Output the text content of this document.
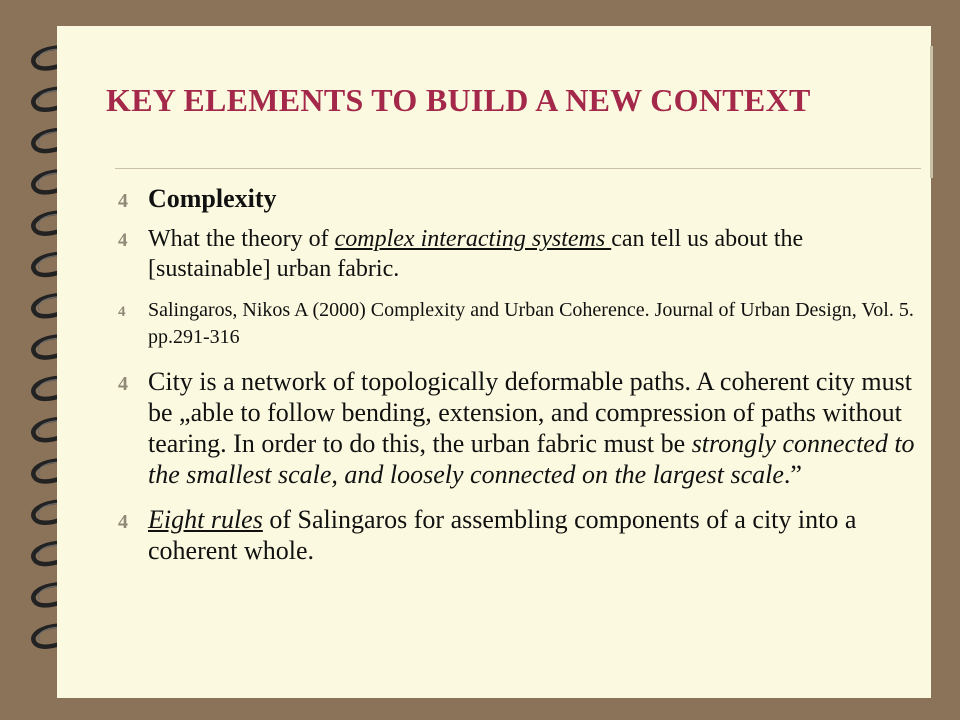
KEY ELEMENTS TO BUILD A NEW CONTEXT
4 Complexity
4 What the theory of complex interacting systems can tell us about the [sustainable] urban fabric.
4 Salingaros, Nikos A (2000) Complexity and Urban Coherence. Journal of Urban Design, Vol. 5. pp.291-316
4 City is a network of topologically deformable paths. A coherent city must be „able to follow bending, extension, and compression of paths without tearing. In order to do this, the urban fabric must be strongly connected to the smallest scale, and loosely connected on the largest scale.”
4 Eight rules of Salingaros for assembling components of a city into a coherent whole.
